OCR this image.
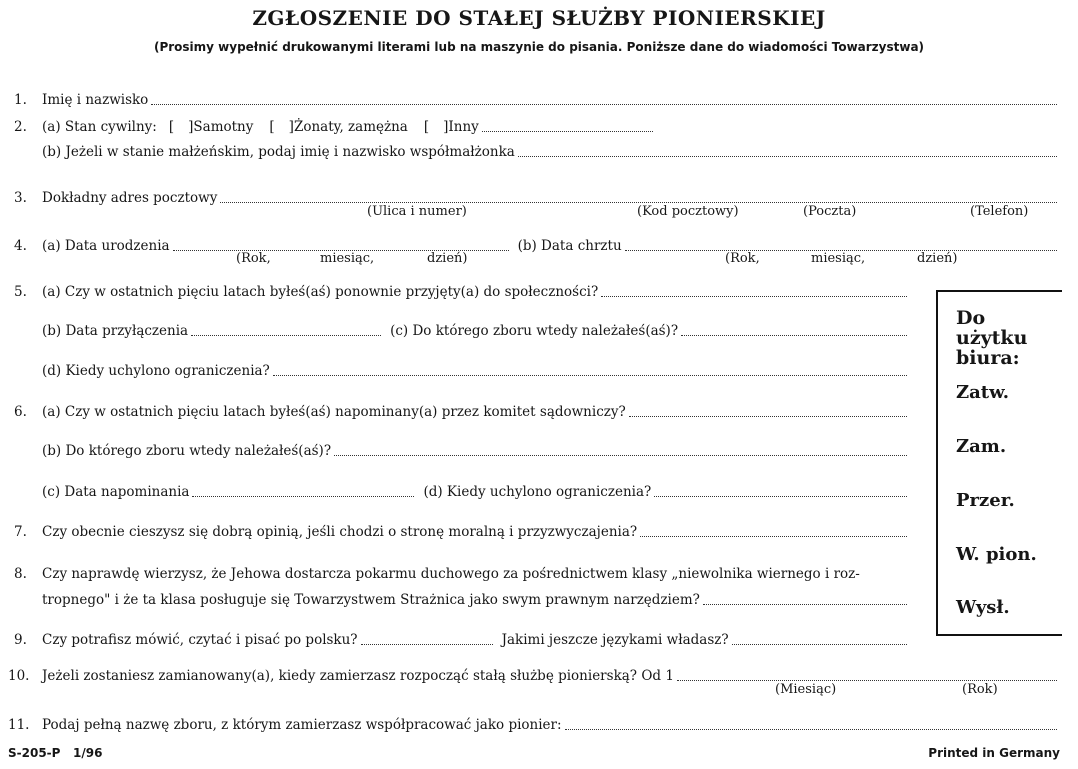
ZGŁOSZENIE DO STAŁEJ SŁUŻBY PIONIERSKIEJ
(Prosimy wypełnić drukowanymi literami lub na maszynie do pisania. Poniższe dane do wiadomości Towarzystwa)
1.	Imię i nazwisko
2.	(a) Stan cywilny: [ ] Samotny [ ] Żonaty, zamężna [ ] Inny
(b) Jeżeli w stanie małżeńskim, podaj imię i nazwisko współmałżonka
3.	Dokładny adres pocztowy
(Ulica i numer)	(Kod pocztowy)	(Poczta)	(Telefon)
4.	(a) Data urodzenia	(b) Data chrztu
(Rok,	miesiąc,	dzień)	(Rok,	miesiąc,	dzień)
5.	(a) Czy w ostatnich pięciu latach byłeś(aś) ponownie przyjęty(a) do społeczności?
(b) Data przyłączenia	(c) Do którego zboru wtedy należałeś(aś)?
(d) Kiedy uchylono ograniczenia?
6.	(a) Czy w ostatnich pięciu latach byłeś(aś) napominany(a) przez komitet sądowniczy?
(b) Do którego zboru wtedy należałeś(aś)?
(c) Data napominania	(d) Kiedy uchylono ograniczenia?
7.	Czy obecnie cieszysz się dobrą opinią, jeśli chodzi o stronę moralną i przyzwyczajenia?
8.	Czy naprawdę wierzysz, że Jehowa dostarcza pokarmu duchowego za pośrednictwem klasy „niewolnika wiernego i roz-
tropnego" i że ta klasa posługuje się Towarzystwem Strażnica jako swym prawnym narzędziem?
9.	Czy potrafisz mówić, czytać i pisać po polsku?	Jakimi jeszcze językami władasz?
10. Jeżeli zostaniesz zamianowany(a), kiedy zamierzasz rozpocząć stałą służbę pionierską? Od 1
(Miesiąc)	(Rok)
11. Podaj pełną nazwę zboru, z którym zamierzasz współpracować jako pionier:
Do użytku biura:
Zatw.
Zam.
Przer.
W. pion.
Wysł.
S-205-P   1/96	Printed in Germany
